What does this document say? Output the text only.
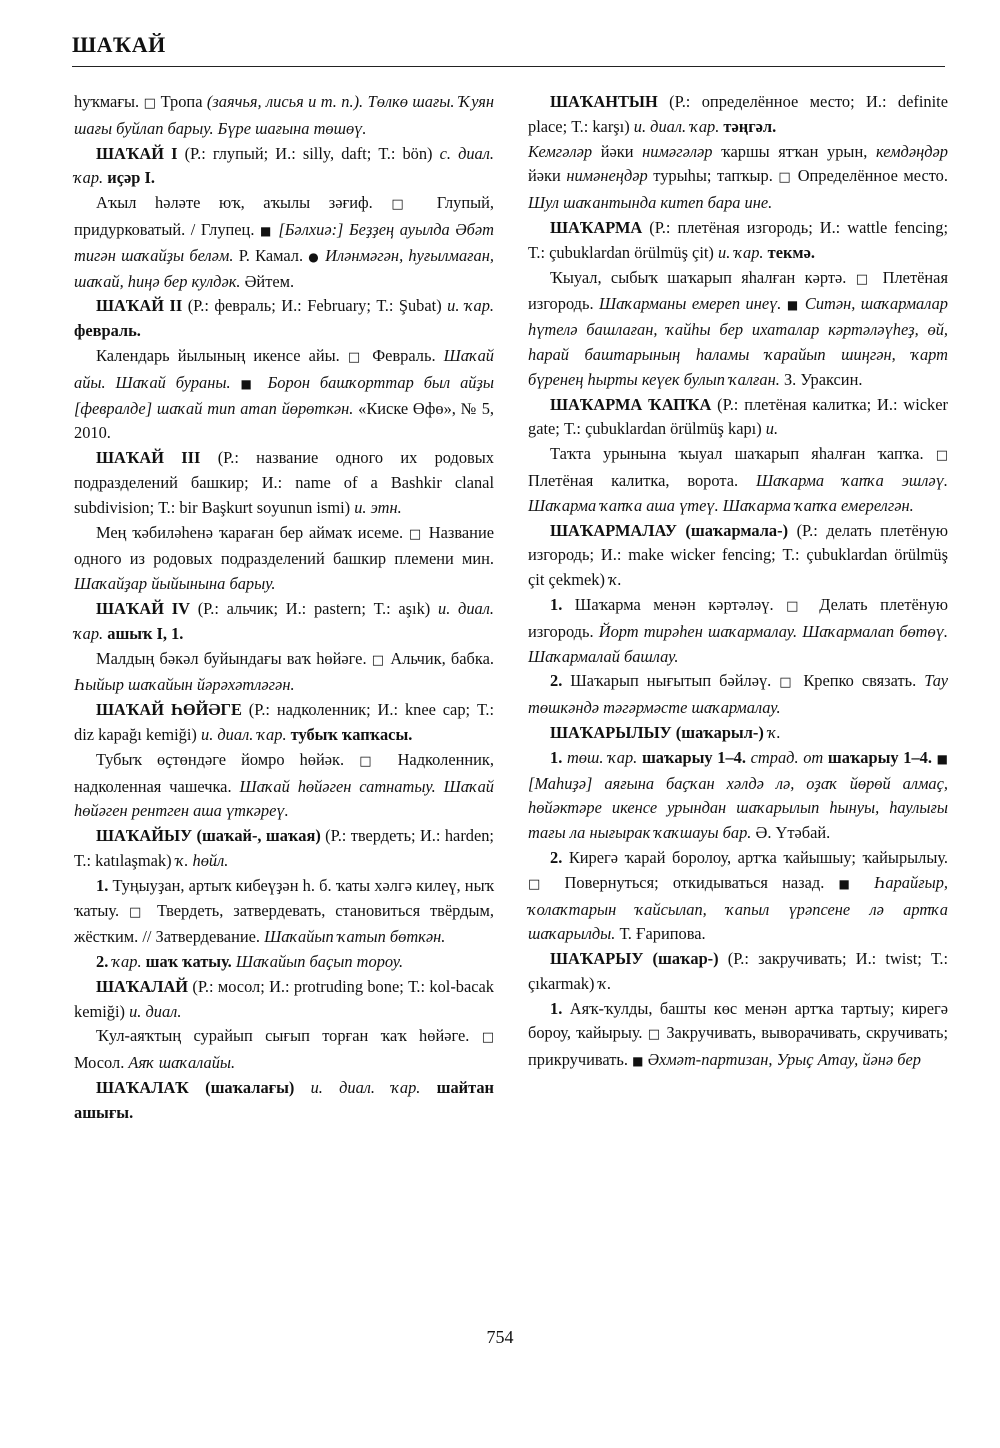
ШАҠАЙ

hуҡмағы. □ Тропа (заячья, лисья и т. п.). Төлкө шағы. Ҡуян шағы буйлап барыу. Бүре шағына төшөү.

ШАҠАЙ I (Р.: глупый; И.: silly, daft; Т.: bön) с. диал. ҡар. иҫәр I.

Аҡыл hәләте юҡ, аҡылы зәғиф. □ Глупый, придурковатый. / Глупец. ■ [Бәлхиә:] Беҙҙең ауылда Әбәт тигән шаҡайҙы беләм. Р. Камал. ● Иләнмәгән, һуғылмаған, шаҡай, һиңә бер кулдәк. Әйтем.

ШАҠАЙ II (Р.: февраль; И.: February; Т.: Şubat) и. ҡар. февраль.

Календарь йылының икенсе айы. □ Февраль. Шаҡай айы. Шаҡай бураны. ■ Борон башҡорттар был айҙы [февралде] шаҡай тип атап йөрөткән. «Киске Өфө», № 5, 2010.

ШАҠАЙ III (Р.: название одного их родовых подразделений башкир; И.: name of a Bashkir clanal subdivision; Т.: bir Başkurt soyunun ismi) и. этн.

Мең ҡәбиләһенә ҡараған бер аймаҡ исеме. □ Название одного из родовых подразделений башкир племени мин. Шаҡайҙар йыйынына барыу.

ШАҠАЙ IV (Р.: альчик; И.: pastern; Т.: aşık) и. диал. ҡар. ашыҡ I, 1.

Малдың бәкәл буйындағы ваҡ һөйәге. □ Альчик, бабка. Һыйыр шаҡайын йәрәхәтләгән.

ШАҠАЙ ҺӨЙӘГЕ (Р.: надколенник; И.: knee cap; Т.: diz kapağı kemiği) и. диал. ҡар. тубыҡ ҡапҡасы.

Тубыҡ өҫтөндәге йомро һөйәк. □ Надколенник, надколенная чашечка. Шаҡай һөйәген сатнатыу. Шаҡай һөйәген рентген аша үткәреү.

ШАҠАЙЫУ (шаҡай-, шаҡая) (Р.: твердеть; И.: harden; Т.: katılaşmak) ҡ. һөйл.

1. Туңыуҙан, артыҡ кибеүҙән һ. б. ҡаты хәлгә килеү, ныҡ ҡатыу. □ Твердеть, затвердевать, становиться твёрдым, жёстким. // Затвердевание. Шаҡайып ҡатып бөткән.

2. ҡар. шаҡ ҡатыу. Шаҡайып баҫып тороу.

ШАҠАЛАЙ (Р.: мосол; И.: protruding bone; Т.: kol-bacak kemiği) и. диал.

Ҡул-аяҡтың сурайып сығып торған ҡаҡ һөйәге. □ Мосол. Аяҡ шаҡалайы.

ШАҠАЛАҠ (шаҡалағы) и. диал. ҡар. шайтан ашығы.

ШАҠАНТЫН (Р.: определённое место; И.: definite place; Т.: karşı) и. диал. ҡар. тәңгәл.

Кемгәләр йәки нимәгәләр ҡаршы ятҡан урын, кемдәңдәр йәки нимәнеңдәр турыһы; тапҡыр. □ Определённое место. Шул шаҡантында китеп бара ине.

ШАҠАРМА (Р.: плетёная изгородь; И.: wattle fencing; Т.: çubuklardan örülmüş çit) и. ҡар. текмә.

Ҡыуал, сыбыҡ шаҡарып яһалған кәртә. □ Плетёная изгородь. Шаҡарманы емереп инеү. ■ Ситән, шаҡармалар һүтелә башлаған, ҡайһы бер ихаталар кәртәләүһеҙ, өй, һарай баштарының һаламы ҡарайып шиңгән, ҡарт бүренең һырты кеүек булып ҡалған. З. Ураксин.

ШАҠАРМА ҠАПҠА (Р.: плетёная калитка; И.: wicker gate; Т.: çubuklardan örülmüş kapı) и.

Таҡта урынына ҡыуал шаҡарып яһалған ҡапҡа. □ Плетёная калитка, ворота. Шаҡарма ҡапҡа эшләү. Шаҡарма ҡапҡа аша үтеү. Шаҡарма ҡапҡа емерелгән.

ШАҠАРМАЛАУ (шаҡармала-) (Р.: делать плетёную изгородь; И.: make wicker fencing; Т.: çubuklardan örülmüş çit çekmek) ҡ.

1. Шаҡарма менән кәртәләү. □ Делать плетёную изгородь. Йорт тирәһен шаҡармалау. Шаҡармалап бөтөү. Шаҡармалай башлау.

2. Шаҡарып нығытып бәйләү. □ Крепко связать. Тау төшкәндә тәгәрмәсте шаҡармалау.

ШАҠАРЫЛЫУ (шаҡарыл-) ҡ.

1. төш. ҡар. шаҡарыу 1–4. страд. от шаҡарыу 1–4. ■ [Маһиҙә] аяғына баҫҡан хәлдә лә, оҙаҡ йөрөй алмаҫ, һөйәктәре икенсе урындан шаҡарылып һынуы, һаулығы тағы ла нығырак ҡаҡшауы бар. Ә. Үтәбай.

2. Кирегә ҡарай боролоу, артҡа ҡайышыу; ҡайырылыу. □ Повернуться; откидываться назад. ■ Һарайғыр, ҡолаҡтарын ҡайсылап, ҡапыл үрәпсене лә артҡа шаҡарылды. Т. Ғарипова.

ШАҠАРЫУ (шаҡар-) (Р.: закручивать; И.: twist; Т.: çıkarmak) ҡ.

1. Аяҡ-ҡулды, башты көс менән артҡа тартыу; кирегә бороу, ҡайырыу. □ Закручивать, выворачивать, скручивать; прикручивать. ■ Әхмәт-партизан, Урыҫ Атау, йәнә бер

754
